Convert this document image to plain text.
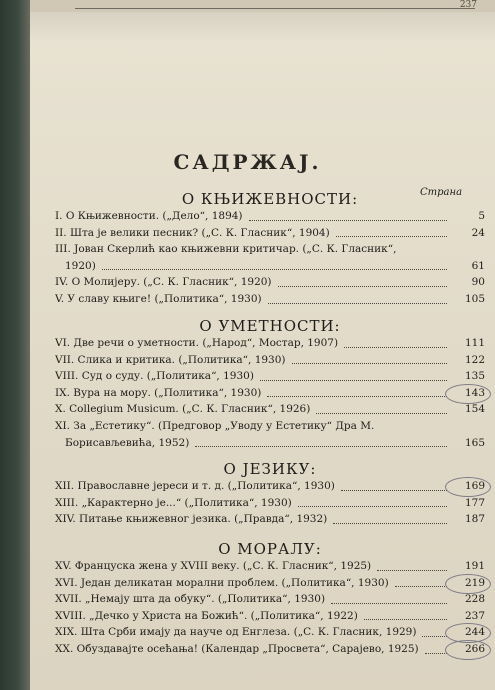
237
САДРЖАЈ.
Страна
О КЊИЖЕВНОСТИ:
I. О Књижевности. („Дело“, 1894)	5
II. Шта је велики песник? („С. К. Гласник“, 1904)	24
III. Јован Скерлић као књижевни критичар. („С. К. Гласник“,
1920)	61
IV. О Молијеру. („С. К. Гласник“, 1920)	90
V. У славу књиге! („Политика“, 1930)	105
О УМЕТНОСТИ:
VI. Две речи о уметности. („Народ“, Мостар, 1907)	111
VII. Слика и критика. („Политика“, 1930)	122
VIII. Суд о суду. („Политика“, 1930)	135
IX. Вура на мору. („Политика“, 1930)	143
X. Collegium Musicum. („С. К. Гласник“, 1926)	154
XI. За „Естетику“. (Предговор „Уводу у Естетику“ Дра М.
Борисављевића, 1952)	165
О ЈЕЗИКУ:
XII. Православне јереси и т. д. („Политика“, 1930)	169
XIII. „Карактерно је...“ („Политика“, 1930)	177
XIV. Питање књижевног језика. („Правда“, 1932)	187
О МОРАЛУ:
XV. Француска жена у XVIII веку. („С. К. Гласник“, 1925)	191
XVI. Један деликатан морални проблем. („Политика“, 1930)	219
XVII. „Немају шта да обуку“. („Политика“, 1930)	228
XVIII. „Дечко у Христа на Божић“. („Политика“, 1922)	237
XIX. Шта Срби имају да науче од Енглеза. („С. К. Гласник, 1929)	244
XX. Обуздавајте осећања! (Календар „Просвета“, Сарајево, 1925)	266
